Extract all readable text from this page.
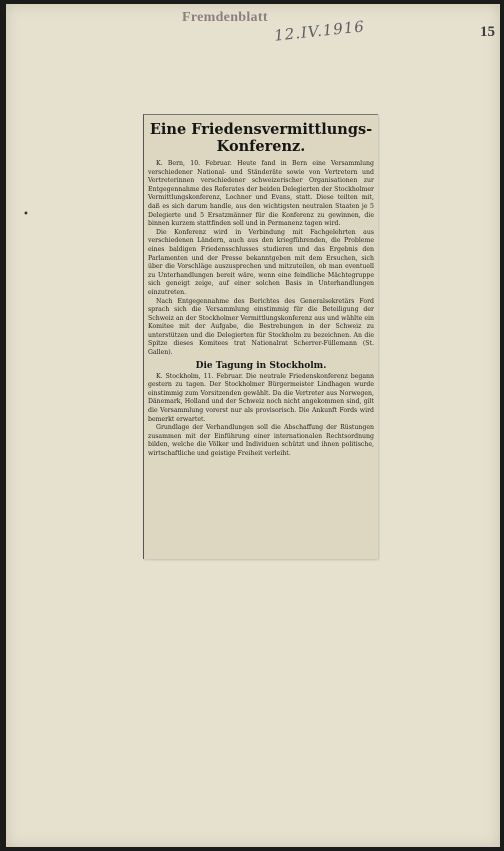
Fremdenblatt 12.IV.1916	15
•
Eine Friedensvermittlungs-
Konferenz.

K. Bern, 10. Februar. Heute fand in Bern eine Versammlung verschiedener National- und Ständeräte sowie von Vertretern und Vertreterinnen verschiedener schweizerischer Organisationen zur Entgegennahme des Referates der beiden Delegierten der Stockholmer Vermittlungskonferenz, Lochner und Evans, statt. Diese teilten mit, daß es sich darum handle, aus den wichtigsten neutralen Staaten je 5 Delegierte und 5 Ersatzmänner für die Konferenz zu gewinnen, die binnen kurzem stattfinden soll und in Permanenz tagen wird.

Die Konferenz wird in Verbindung mit Fachgelehrten aus verschiedenen Ländern, auch aus den kriegführenden, die Probleme eines baldigen Friedensschlusses studieren und das Ergebnis den Parlamenten und der Presse bekanntgeben mit dem Ersuchen, sich über die Vorschläge auszusprechen und mitzuteilen, ob man eventuell zu Unterhandlungen bereit wäre, wenn eine feindliche Mächtegruppe sich geneigt zeige, auf einer solchen Basis in Unterhandlungen einzutreten.

Nach Entgegennahme des Berichtes des Generalsekretärs Ford sprach sich die Versammlung einstimmig für die Beteiligung der Schweiz an der Stockholmer Vermittlungskonferenz aus und wählte ein Komitee mit der Aufgabe, die Bestrebungen in der Schweiz zu unterstützen und die Delegierten für Stockholm zu bezeichnen. An die Spitze dieses Komitees trat Nationalrat Scherrer-Füllemann (St. Gallen).

Die Tagung in Stockholm.

K. Stockholm, 11. Februar. Die neutrale Friedenskonferenz begann gestern zu tagen. Der Stockholmer Bürgermeister Lindhagen wurde einstimmig zum Vorsitzenden gewählt. Da die Vertreter aus Norwegen, Dänemark, Holland und der Schweiz noch nicht angekommen sind, gilt die Versammlung vorerst nur als provisorisch. Die Ankunft Fords wird bemerkt erwartet.

Grundlage der Verhandlungen soll die Abschaffung der Rüstungen zusammen mit der Einführung einer internationalen Rechtsordnung bilden, welche die Völker und Individuen schützt und ihnen politische, wirtschaftliche und geistige Freiheit verleiht.
